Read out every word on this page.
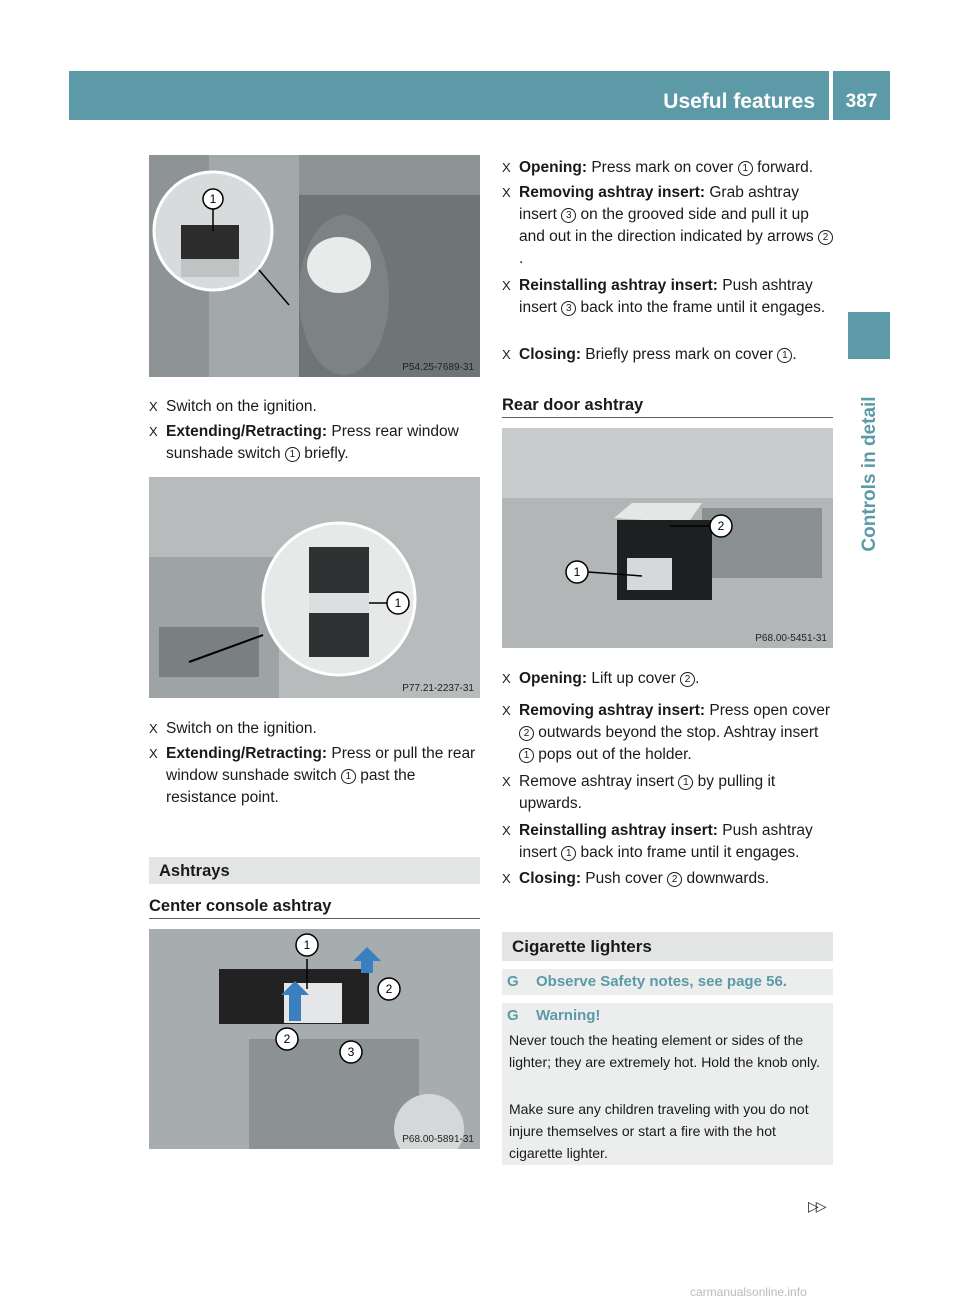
Useful features	387
Controls in detail
1
P54.25-7689-31
X Switch on the ignition.
X Extending/Retracting: Press rear window sunshade switch 1 briefly.
1
P77.21-2237-31
X Switch on the ignition.
X Extending/Retracting: Press or pull the rear window sunshade switch 1 past the resistance point.
Ashtrays
Center console ashtray
1
2
2
3
P68.00-5891-31
X Opening: Press mark on cover 1 forward.
X Removing ashtray insert: Grab ashtray insert 3 on the grooved side and pull it up and out in the direction indicated by arrows 2.
X Reinstalling ashtray insert: Push ashtray insert 3 back into the frame until it engages.
X Closing: Briefly press mark on cover 1 .
Rear door ashtray
2
1
P68.00-5451-31
X Opening: Lift up cover 2 .
X Removing ashtray insert: Press open cover 2 outwards beyond the stop. Ashtray insert 1 pops out of the holder.
X Remove ashtray insert 1 by pulling it upwards.
X Reinstalling ashtray insert: Push ashtray insert 1 back into frame until it engages.
X Closing: Push cover 2 downwards.
Cigarette lighters
G Observe Safety notes, see page 56.
G Warning!
Never touch the heating element or sides of the lighter; they are extremely hot. Hold the knob only.
Make sure any children traveling with you do not injure themselves or start a fire with the hot cigarette lighter.
▷▷
carmanualsonline.info
